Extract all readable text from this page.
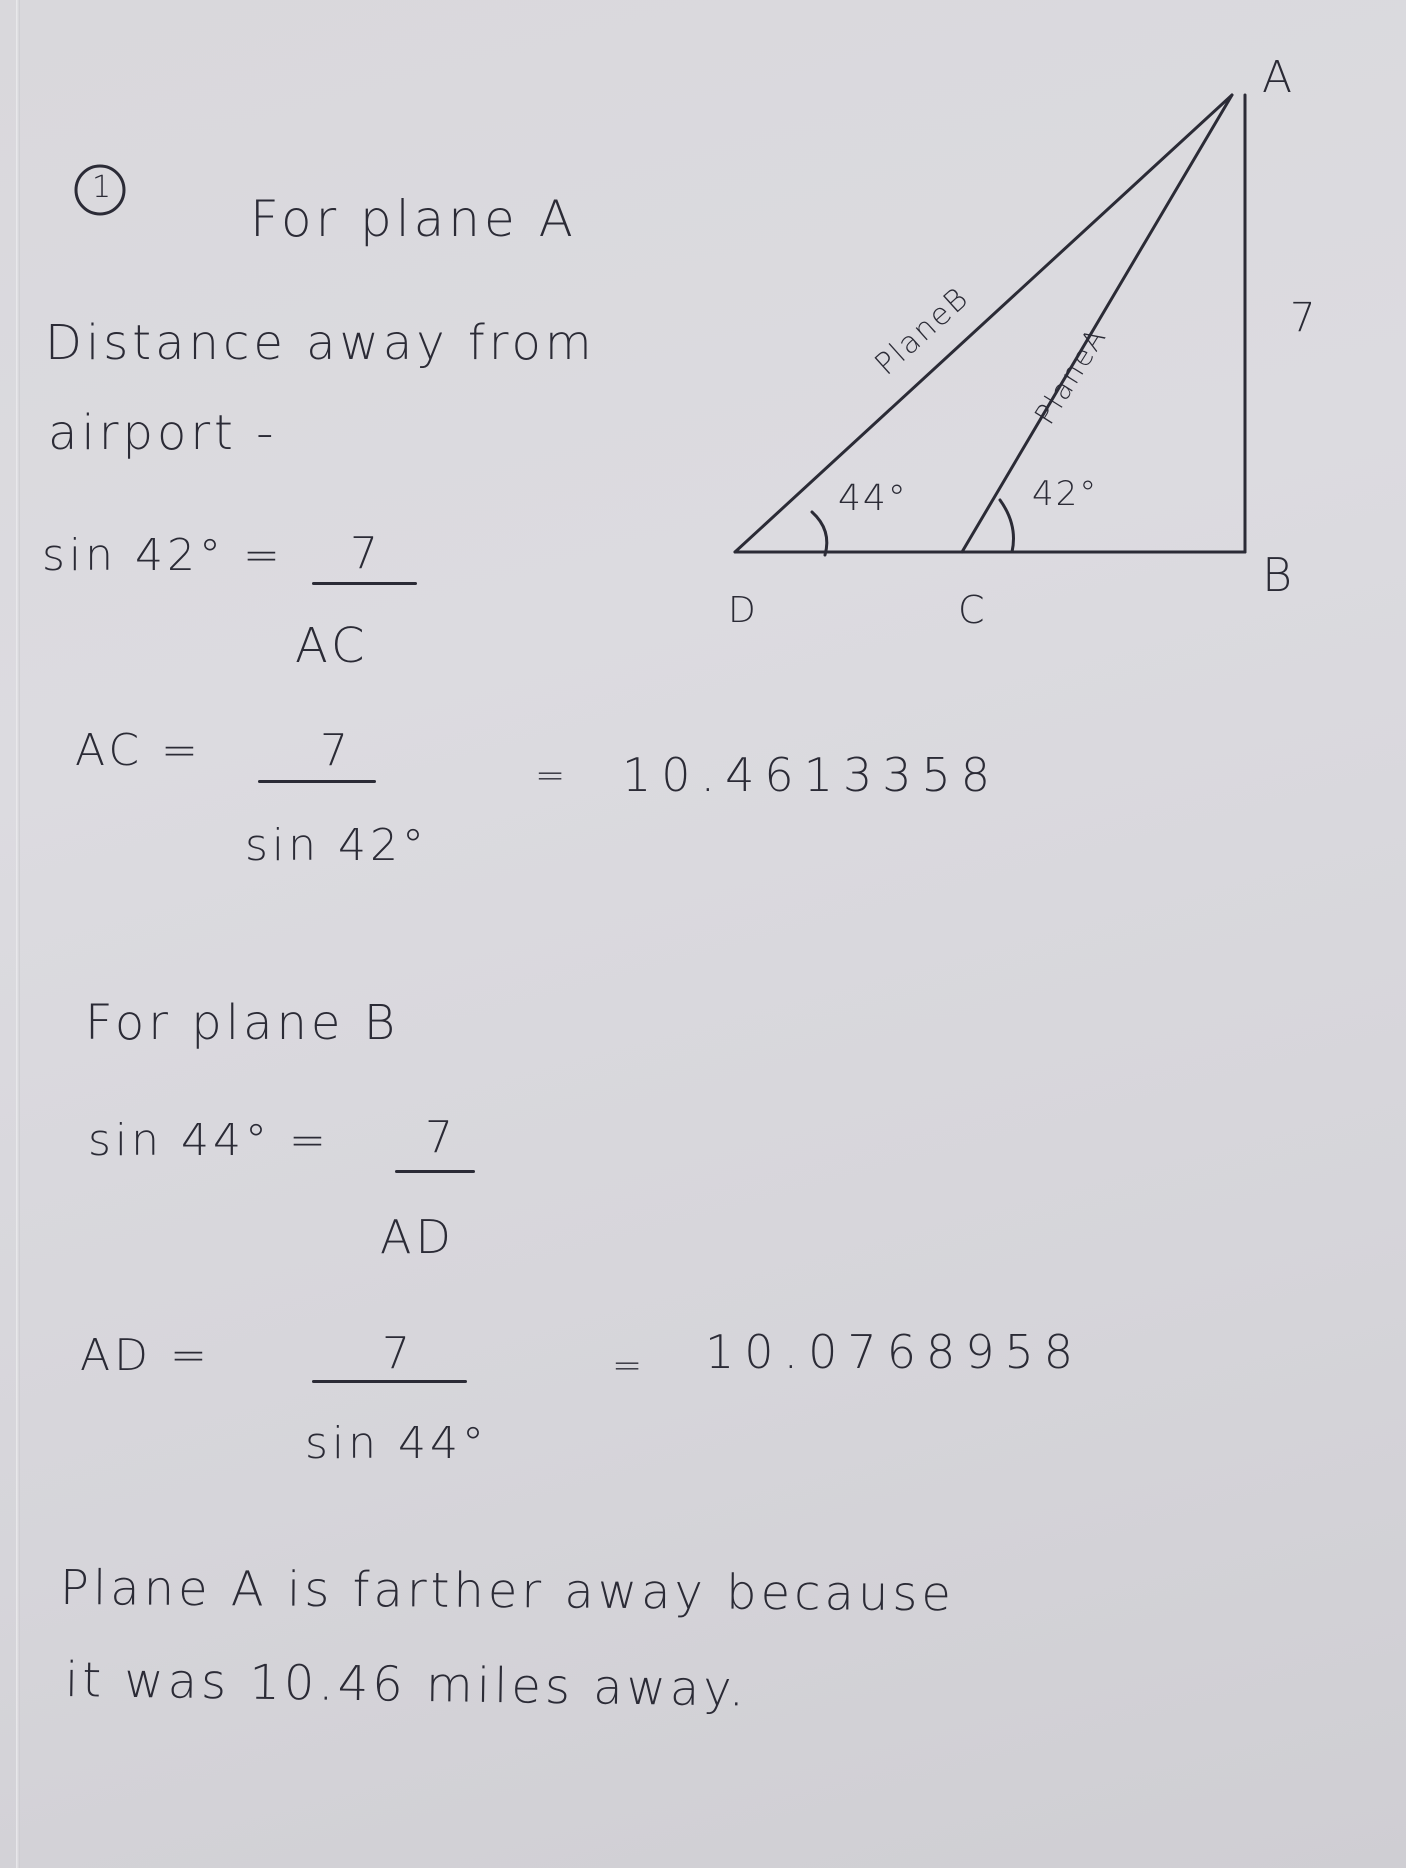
1
For plane A
Distance away from
airport -
sin 42° = 7
AC
AC =	7
sin 42°
= 10.4613358
For plane B
sin 44° = 7
AD
AD =	7
sin 44°
= 10.0768958
Plane A is farther away because
it was 10.46 miles away.
A
B
C
D
7
PlaneB PlaneA
44°	42°
